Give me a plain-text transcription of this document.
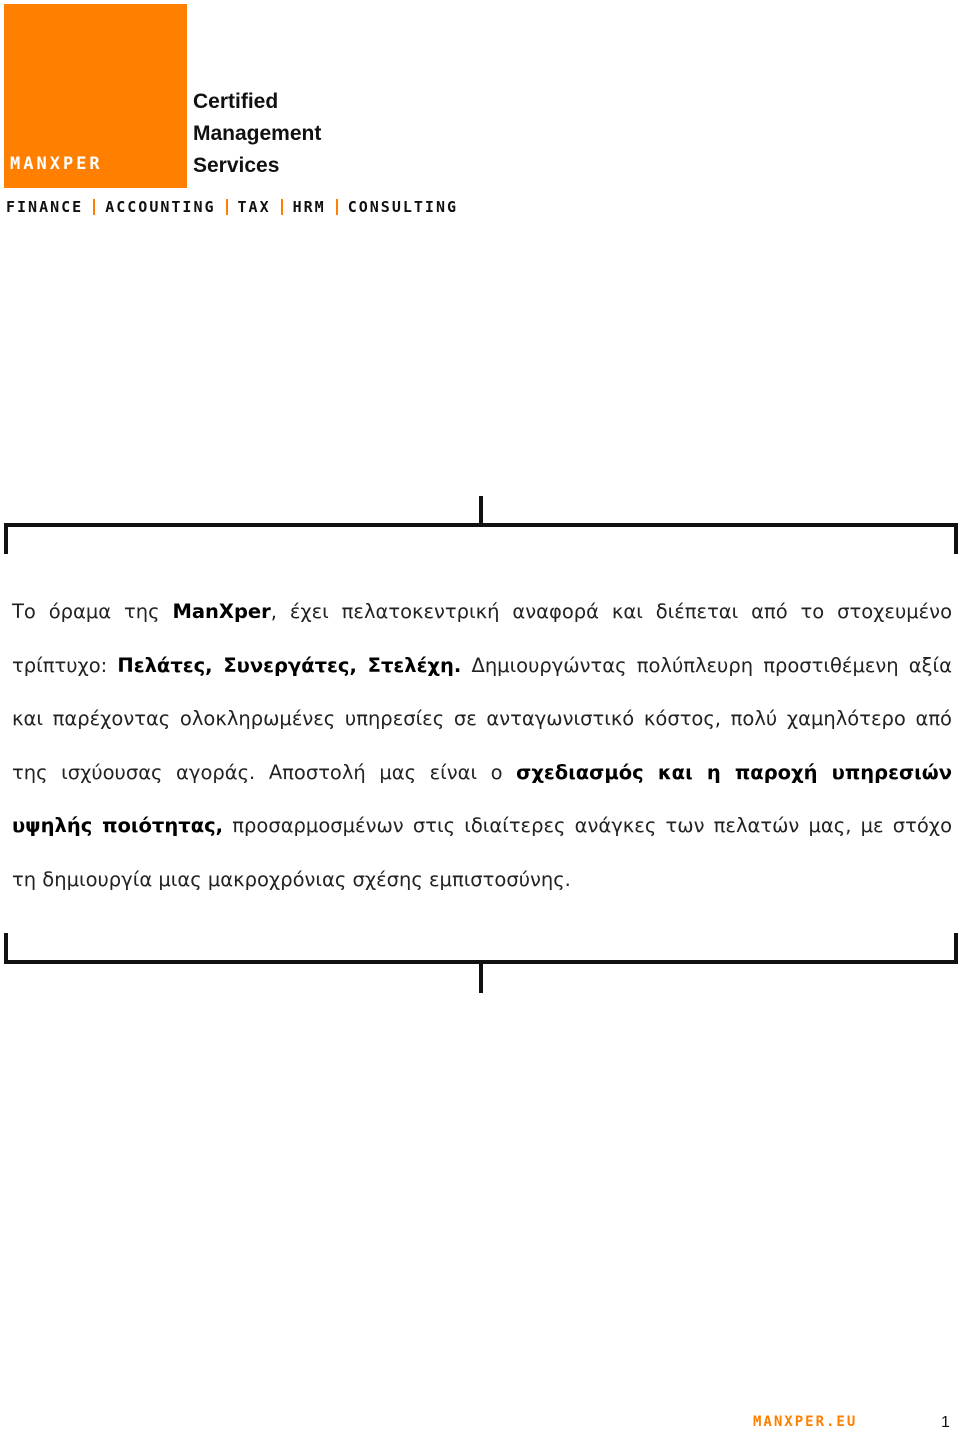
MANXPER
Certified
Management
Services
FINANCE ACCOUNTING TAX HRM CONSULTING
Το όραμα της ManXper, έχει πελατοκεντρική αναφορά και διέπεται από το στοχευμένο τρίπτυχο: Πελάτες, Συνεργάτες, Στελέχη. Δημιουργώντας πολύπλευρη προστιθέμενη αξία και παρέχοντας ολοκληρωμένες υπηρεσίες σε ανταγωνιστικό κόστος, πολύ χαμηλότερο από της ισχύουσας αγοράς. Αποστολή μας είναι ο σχεδιασμός και η παροχή υπηρεσιών υψηλής ποιότητας, προσαρμοσμένων στις ιδιαίτερες ανάγκες των πελατών μας, με στόχο τη δημιουργία μιας μακροχρόνιας σχέσης εμπιστοσύνης.
MANXPER.EU	1
